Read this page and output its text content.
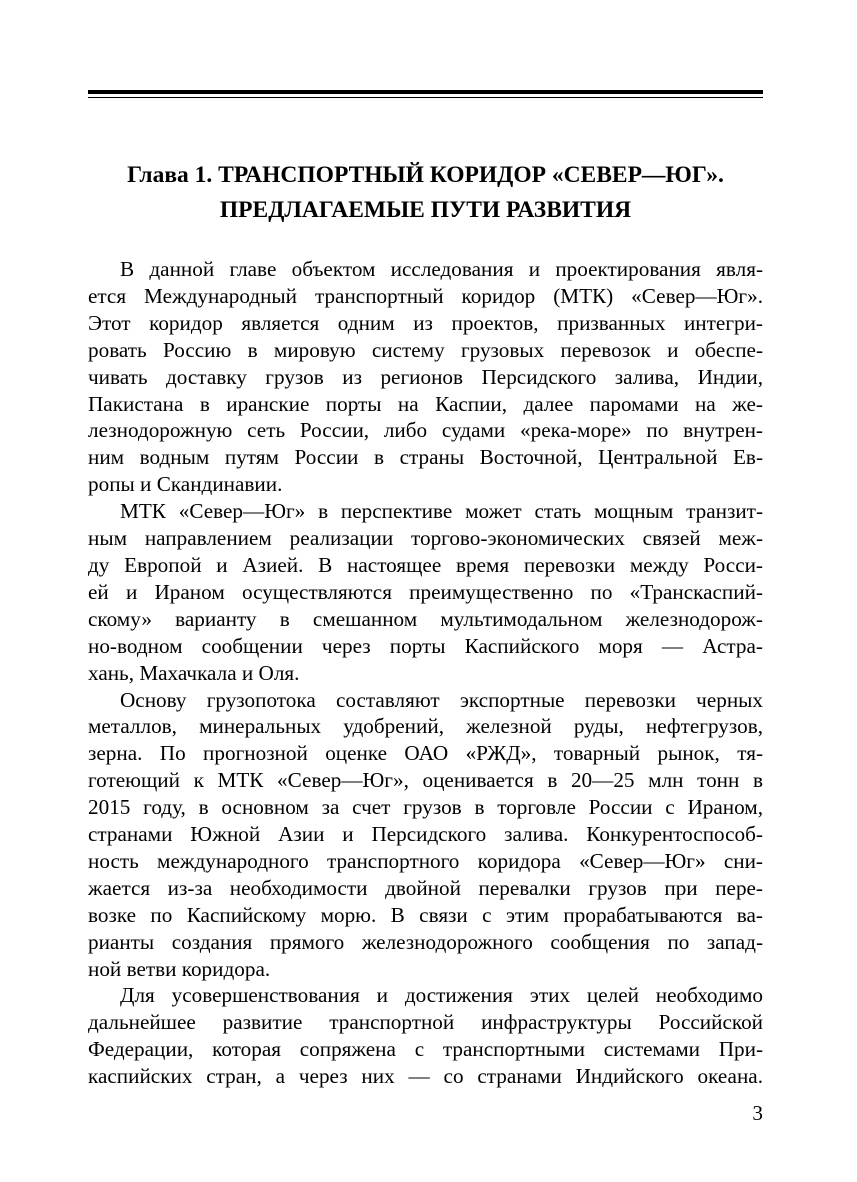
Глава 1. ТРАНСПОРТНЫЙ КОРИДОР «СЕВЕР—ЮГ».
ПРЕДЛАГАЕМЫЕ ПУТИ РАЗВИТИЯ
В данной главе объектом исследования и проектирования явля-
ется Международный транспортный коридор (МТК) «Север—Юг».
Этот коридор является одним из проектов, призванных интегри-
ровать Россию в мировую систему грузовых перевозок и обеспе-
чивать доставку грузов из регионов Персидского залива, Индии,
Пакистана в иранские порты на Каспии, далее паромами на же-
лезнодорожную сеть России, либо судами «река-море» по внутрен-
ним водным путям России в страны Восточной, Центральной Ев-
ропы и Скандинавии.
МТК «Север—Юг» в перспективе может стать мощным транзит-
ным направлением реализации торгово-экономических связей меж-
ду Европой и Азией. В настоящее время перевозки между Росси-
ей и Ираном осуществляются преимущественно по «Транскаспий-
скому» варианту в смешанном мультимодальном железнодорож-
но-водном сообщении через порты Каспийского моря — Астра-
хань, Махачкала и Оля.
Основу грузопотока составляют экспортные перевозки черных
металлов, минеральных удобрений, железной руды, нефтегрузов,
зерна. По прогнозной оценке ОАО «РЖД», товарный рынок, тя-
готеющий к МТК «Север—Юг», оценивается в 20—25 млн тонн в
2015 году, в основном за счет грузов в торговле России с Ираном,
странами Южной Азии и Персидского залива. Конкурентоспособ-
ность международного транспортного коридора «Север—Юг» сни-
жается из-за необходимости двойной перевалки грузов при пере-
возке по Каспийскому морю. В связи с этим прорабатываются ва-
рианты создания прямого железнодорожного сообщения по запад-
ной ветви коридора.
Для усовершенствования и достижения этих целей необходимо
дальнейшее развитие транспортной инфраструктуры Российской
Федерации, которая сопряжена с транспортными системами При-
каспийских стран, а через них — со странами Индийского океана.
3
